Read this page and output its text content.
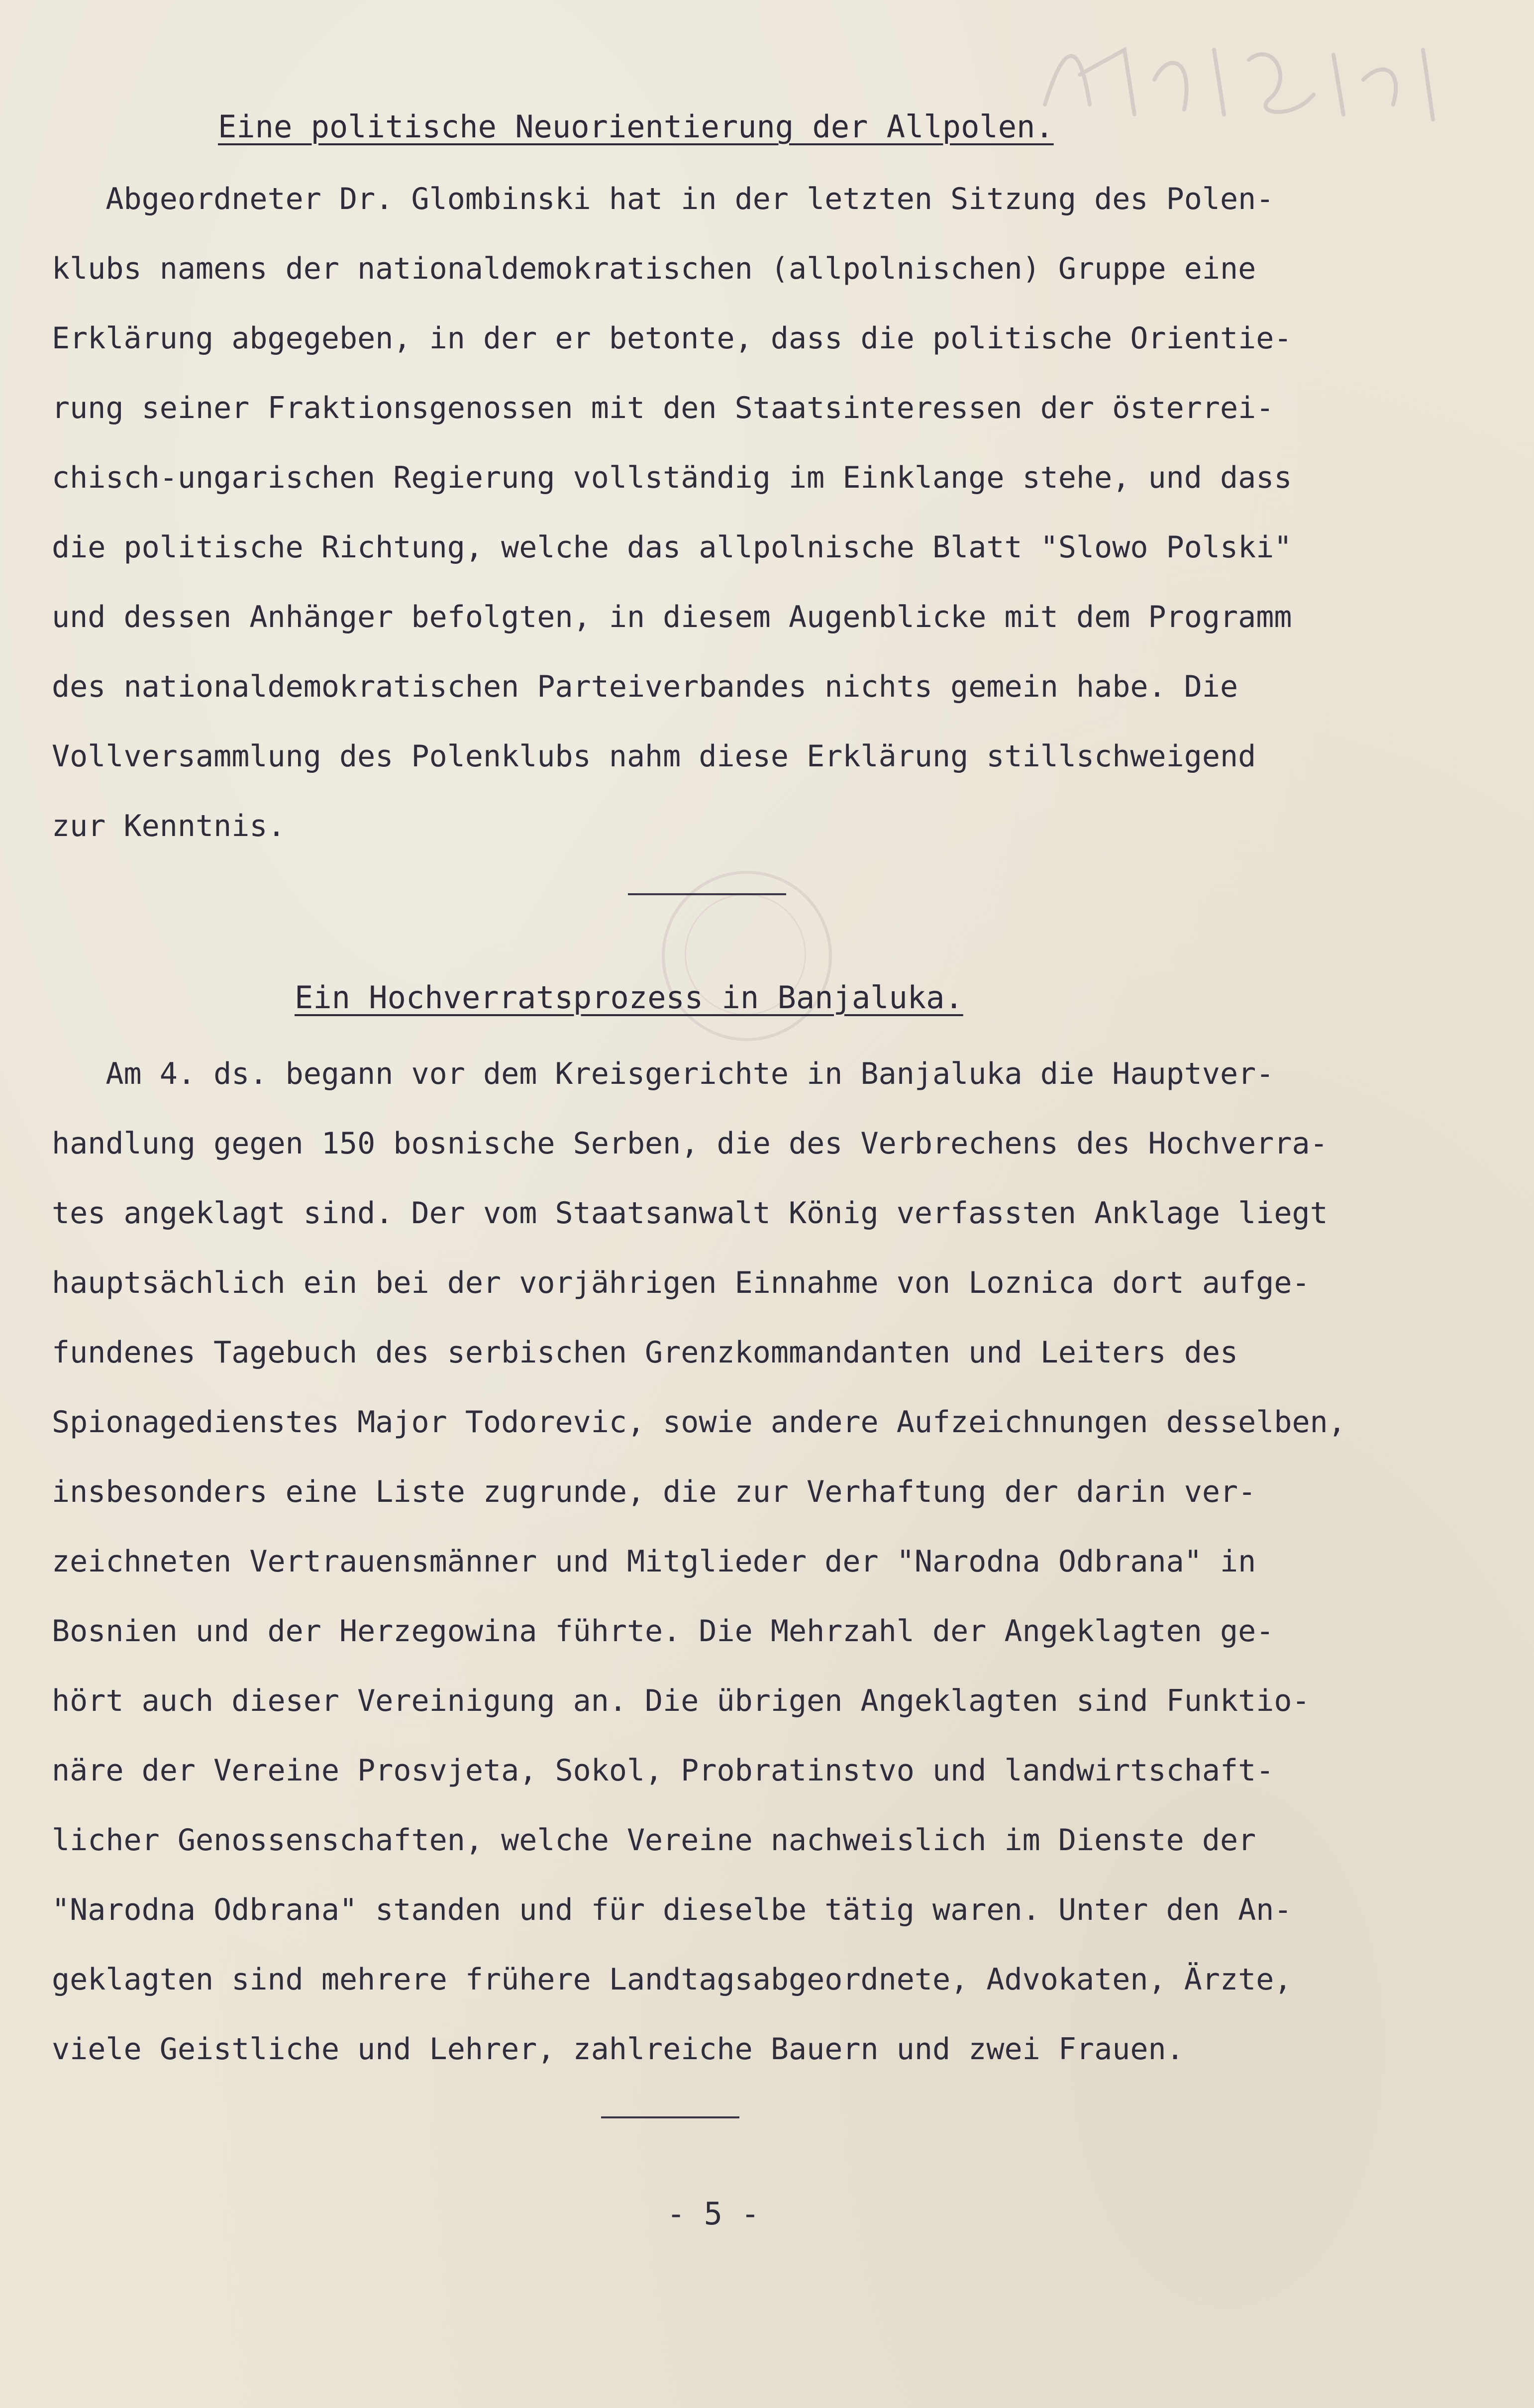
Eine politische Neuorientierung der Allpolen.
Abgeordneter Dr. Glombinski hat in der letzten Sitzung des Polen-
klubs namens der nationaldemokratischen (allpolnischen) Gruppe eine
Erklärung abgegeben, in der er betonte, dass die politische Orientie-
rung seiner Fraktionsgenossen mit den Staatsinteressen der österrei-
chisch-ungarischen Regierung vollständig im Einklange stehe, und dass
die politische Richtung, welche das allpolnische Blatt "Slowo Polski"
und dessen Anhänger befolgten, in diesem Augenblicke mit dem Programm
des nationaldemokratischen Parteiverbandes nichts gemein habe. Die
Vollversammlung des Polenklubs nahm diese Erklärung stillschweigend
zur Kenntnis.
Ein Hochverratsprozess in Banjaluka.
Am 4. ds. begann vor dem Kreisgerichte in Banjaluka die Hauptver-
handlung gegen 150 bosnische Serben, die des Verbrechens des Hochverra-
tes angeklagt sind. Der vom Staatsanwalt König verfassten Anklage liegt
hauptsächlich ein bei der vorjährigen Einnahme von Loznica dort aufge-
fundenes Tagebuch des serbischen Grenzkommandanten und Leiters des
Spionagedienstes Major Todorevic, sowie andere Aufzeichnungen desselben,
insbesonders eine Liste zugrunde, die zur Verhaftung der darin ver-
zeichneten Vertrauensmänner und Mitglieder der "Narodna Odbrana" in
Bosnien und der Herzegowina führte. Die Mehrzahl der Angeklagten ge-
hört auch dieser Vereinigung an. Die übrigen Angeklagten sind Funktio-
näre der Vereine Prosvjeta, Sokol, Probratinstvo und landwirtschaft-
licher Genossenschaften, welche Vereine nachweislich im Dienste der
"Narodna Odbrana" standen und für dieselbe tätig waren. Unter den An-
geklagten sind mehrere frühere Landtagsabgeordnete, Advokaten, Ärzte,
viele Geistliche und Lehrer, zahlreiche Bauern und zwei Frauen.
- 5 -
